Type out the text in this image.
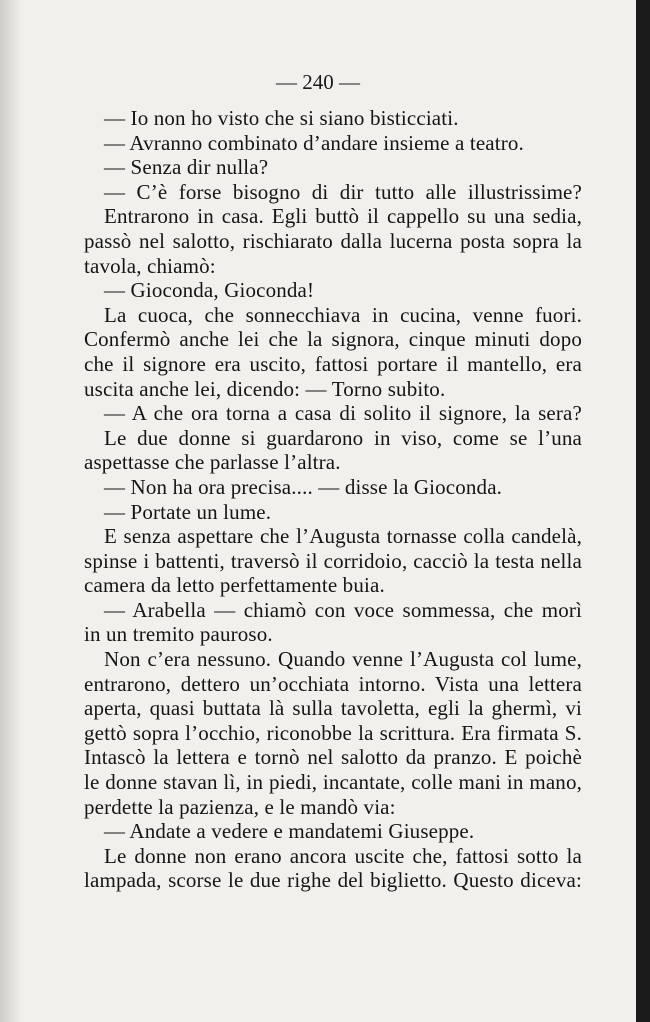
— 240 —

— Io non ho visto che si siano bisticciati.
— Avranno combinato d’andare insieme a teatro.
— Senza dir nulla?
— C’è forse bisogno di dir tutto alle illustrissime?
Entrarono in casa. Egli buttò il cappello su una sedia,
passò nel salotto, rischiarato dalla lucerna posta sopra la
tavola, chiamò:
— Gioconda, Gioconda!
La cuoca, che sonnecchiava in cucina, venne fuori.
Confermò anche lei che la signora, cinque minuti dopo
che il signore era uscito, fattosi portare il mantello, era
uscita anche lei, dicendo: — Torno subito.
— A che ora torna a casa di solito il signore, la sera?
Le due donne si guardarono in viso, come se l’una
aspettasse che parlasse l’altra.
— Non ha ora precisa.... — disse la Gioconda.
— Portate un lume.
E senza aspettare che l’Augusta tornasse colla candelà,
spinse i battenti, traversò il corridoio, cacciò la testa nella
camera da letto perfettamente buia.
— Arabella — chiamò con voce sommessa, che morì
in un tremito pauroso.
Non c’era nessuno. Quando venne l’Augusta col lume,
entrarono, dettero un’occhiata intorno. Vista una lettera
aperta, quasi buttata là sulla tavoletta, egli la ghermì, vi
gettò sopra l’occhio, riconobbe la scrittura. Era firmata S.
Intascò la lettera e tornò nel salotto da pranzo. E poichè
le donne stavan lì, in piedi, incantate, colle mani in mano,
perdette la pazienza, e le mandò via:
— Andate a vedere e mandatemi Giuseppe.
Le donne non erano ancora uscite che, fattosi sotto la
lampada, scorse le due righe del biglietto. Questo diceva:
